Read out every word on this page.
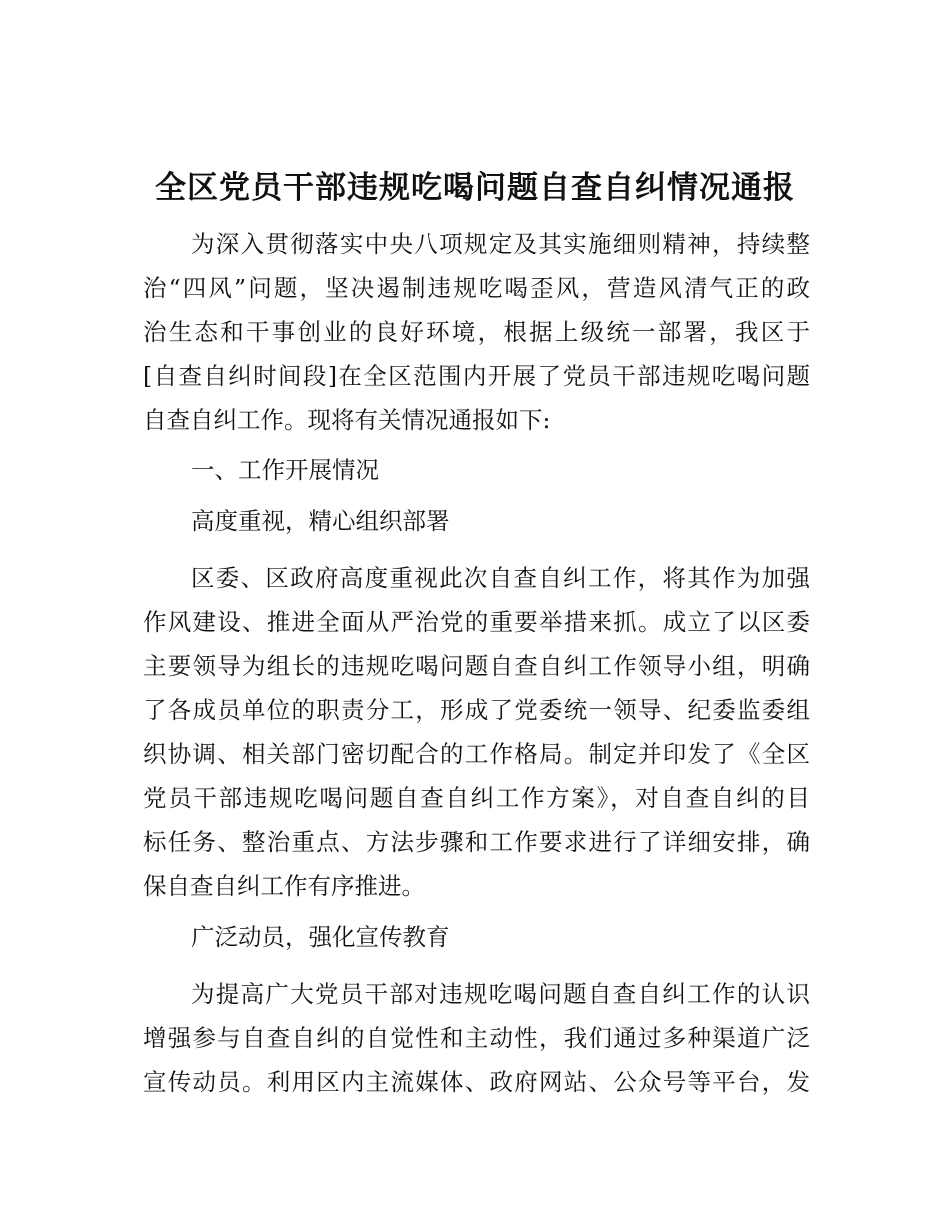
全区党员干部违规吃喝问题自查自纠情况通报
为深入贯彻落实中央八项规定及其实施细则精神，持续整
治“四风”问题，坚决遏制违规吃喝歪风，营造风清气正的政
治生态和干事创业的良好环境，根据上级统一部署，我区于
[自查自纠时间段]在全区范围内开展了党员干部违规吃喝问题
自查自纠工作。现将有关情况通报如下:
一、工作开展情况
高度重视，精心组织部署
区委、区政府高度重视此次自查自纠工作，将其作为加强
作风建设、推进全面从严治党的重要举措来抓。成立了以区委
主要领导为组长的违规吃喝问题自查自纠工作领导小组，明确
了各成员单位的职责分工，形成了党委统一领导、纪委监委组
织协调、相关部门密切配合的工作格局。制定并印发了《全区
党员干部违规吃喝问题自查自纠工作方案》，对自查自纠的目
标任务、整治重点、方法步骤和工作要求进行了详细安排，确
保自查自纠工作有序推进。
广泛动员，强化宣传教育
为提高广大党员干部对违规吃喝问题自查自纠工作的认识
增强参与自查自纠的自觉性和主动性，我们通过多种渠道广泛
宣传动员。利用区内主流媒体、政府网站、公众号等平台，发
